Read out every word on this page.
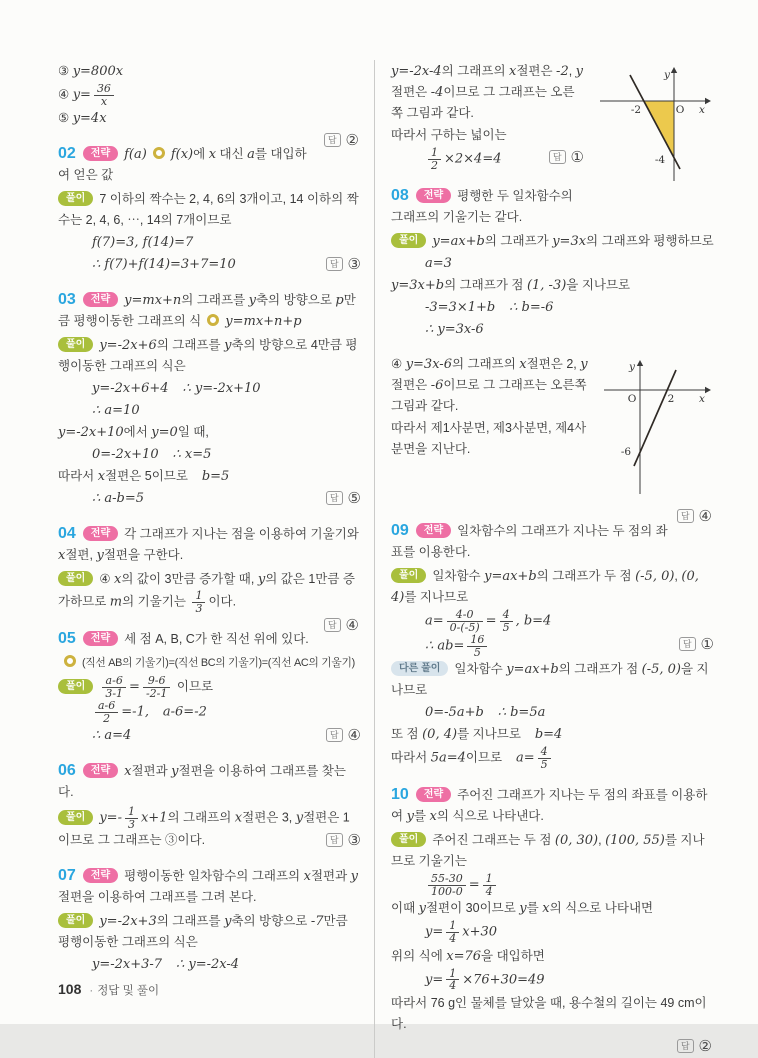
③ y=800x

④ $y= \frac{36}{x}$

⑤ y=4x

답 ②

02 전략 f(a) f(x)에 x 대신 a를 대입하여 얻은 값

풀이 7 이하의 짝수는 2, 4, 6의 3개이고, 14 이하의 짝수는 2, 4, 6, ⋯, 14의 7개이므로

f(7)=3, f(14)=7

∴ f(7)+f(14)=3+7=10	답 ③

03 전략 y=mx+n의 그래프를 y축의 방향으로 p만큼 평행이동한 그래프의 식 y=mx+n+p

풀이 y=-2x+6의 그래프를 y축의 방향으로 4만큼 평행이동한 그래프의 식은

y=-2x+6+4 ∴ y=-2x+10

∴ a=10

y=-2x+10에서 y=0일 때,

0=-2x+10 ∴ x=5

따라서 x절편은 5이므로    b=5

∴ a-b=5	답 ⑤

04 전략 각 그래프가 지나는 점을 이용하여 기울기와 x절편, y절편을 구한다.

풀이 ④ x의 값이 3만큼 증가할 때, y의 값은 1만큼 증가하므로 m의 기울기는 $\frac{1}{3}$ 이다.

답 ④

05 전략 세 점 A, B, C가 한 직선 위에 있다.

(직선 AB의 기울기)=(직선 BC의 기울기)=(직선 AC의 기울기)

풀이 $\frac{a-6}{3-1} = \frac{9-6}{-2-1}$ 이므로

$\frac{a-6}{2} =-1$, a-6=-2

∴ a=4	답 ④

06 전략 x절편과 y절편을 이용하여 그래프를 찾는다.

풀이 $y=- \frac{1}{3} x+1$의 그래프의 x절편은 3, y절편은 1이므로 그 그래프는 ③이다.	답 ③

07 전략 평행이동한 일차함수의 그래프의 x절편과 y절편을 이용하여 그래프를 그려 본다.

풀이 y=-2x+3의 그래프를 y축의 방향으로 -7만큼 평행이동한 그래프의 식은

y=-2x+3-7 ∴ y=-2x-4

-2	O x
y
-4

y=-2x-4의 그래프의 x절편은 -2, y절편은 -4이므로 그 그래프는 오른쪽 그림과 같다.

따라서 구하는 넓이는

$\frac{1}{2} \times 2\times 4=4$	답 ①

08 전략 평행한 두 일차함수의 그래프의 기울기는 같다.

풀이 y=ax+b의 그래프가 y=3x의 그래프와 평행하므로

a=3

y=3x+b의 그래프가 점 (1, -3)을 지나므로

-3=3×1+b ∴ b=-6

∴ y=3x-6

O	2 x
y
-6

④ y=3x-6의 그래프의 x절편은 2, y절편은 -6이므로 그 그래프는 오른쪽 그림과 같다.

따라서 제1사분면, 제3사분면, 제4사분면을 지난다.

답 ④

09 전략 일차함수의 그래프가 지나는 두 점의 좌표를 이용한다.

풀이 일차함수 y=ax+b의 그래프가 두 점 (-5, 0), (0, 4)를 지나므로

$a= \frac{4-0}{0-(-5)} = \frac{4}{5}$ , b=4

∴ $ab= \frac{16}{5}$	답 ①

다른 풀이 일차함수 y=ax+b의 그래프가 점 (-5, 0)을 지나므로

0=-5a+b ∴ b=5a

또 점 (0, 4)를 지나므로    b=4

따라서 5a=4이므로    $a= \frac{4}{5}$

10 전략 주어진 그래프가 지나는 두 점의 좌표를 이용하여 y를 x의 식으로 나타낸다.

풀이 주어진 그래프는 두 점 (0, 30), (100, 55)를 지나므로 기울기는

$\frac{55-30}{100-0} = \frac{1}{4}$

이때 y절편이 30이므로 y를 x의 식으로 나타내면

$y= \frac{1}{4} x+30$

위의 식에 x=76을 대입하면

$y= \frac{1}{4} \times 76+30=49$

따라서 76 g인 물체를 달았을 때, 용수철의 길이는 49 cm이다.

답 ②

108 · 정답 및 풀이
